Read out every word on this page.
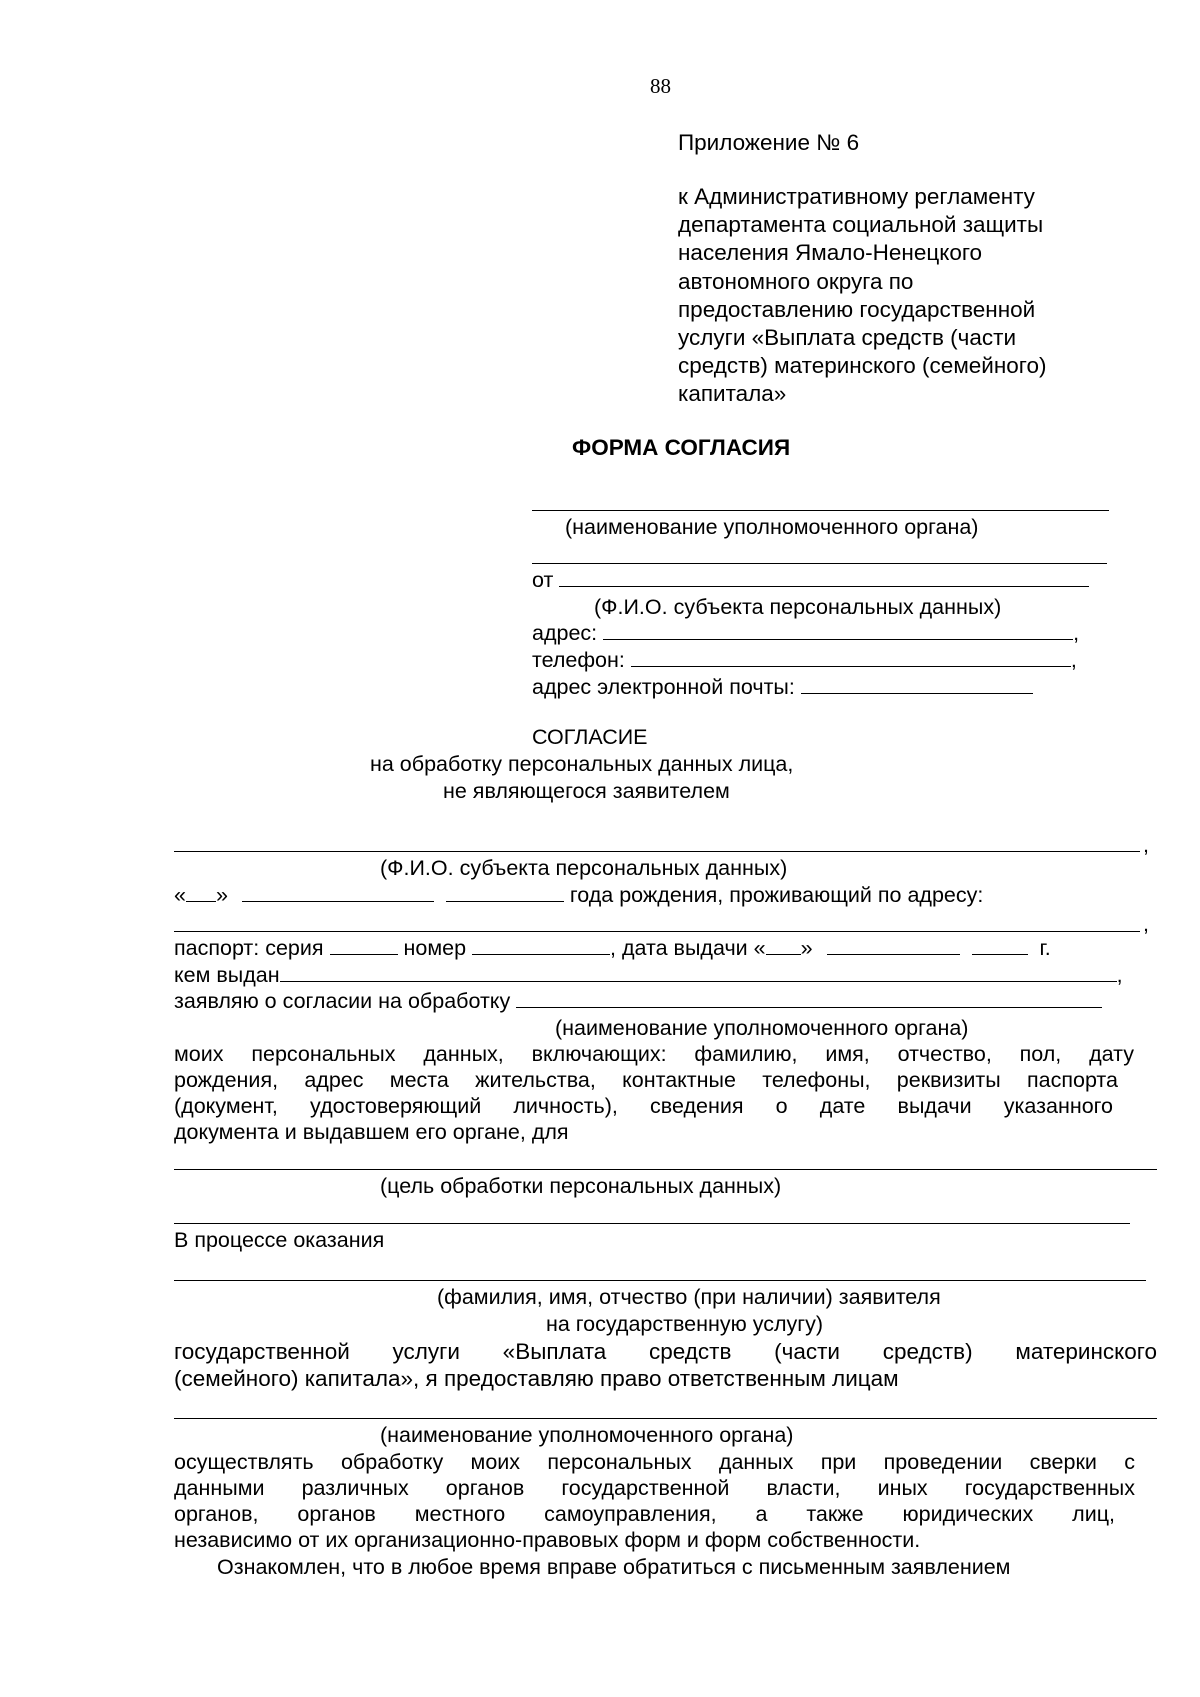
88
Приложение № 6
к Административному регламенту
департамента социальной защиты
населения Ямало-Ненецкого
автономного округа по
предоставлению государственной
услуги «Выплата средств (части
средств) материнского (семейного)
капитала»
ФОРМА СОГЛАСИЯ
(наименование уполномоченного органа)
от
(Ф.И.О. субъекта персональных данных)
адрес:	,
телефон:	,
адрес электронной почты:
СОГЛАСИЕ
на обработку персональных данных лица,
не являющегося заявителем
,
(Ф.И.О. субъекта персональных данных)
« »	года рождения, проживающий по адресу:
,
паспорт: серия	номер	, дата выдачи « »	г.
кем выдан	,
заявляю о согласии на обработку
(наименование уполномоченного органа)
моих персональных данных, включающих: фамилию, имя, отчество, пол, дату
рождения, адрес места жительства, контактные телефоны, реквизиты паспорта
(документ, удостоверяющий личность), сведения о дате выдачи указанного
документа и выдавшем его органе, для
(цель обработки персональных данных)
В процессе оказания
(фамилия, имя, отчество (при наличии) заявителя
на государственную услугу)
государственной услуги «Выплата средств (части средств) материнского
(семейного) капитала», я предоставляю право ответственным лицам
(наименование уполномоченного органа)
осуществлять обработку моих персональных данных при проведении сверки с
данными различных органов государственной власти, иных государственных
органов, органов местного самоуправления, а также юридических лиц,
независимо от их организационно-правовых форм и форм собственности.
Ознакомлен, что в любое время вправе обратиться с письменным заявлением
